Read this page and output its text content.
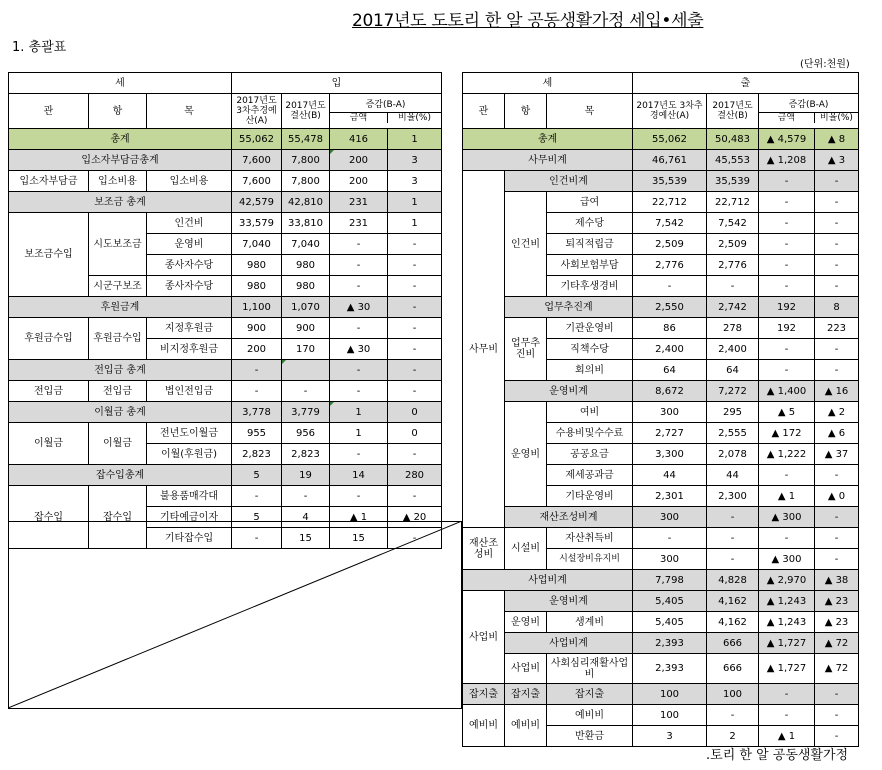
2017년도 도토리 한 알 공동생활가정 세입•세출
1. 총괄표
(단위:천원)
세			입			
관	항	목	2017년도 3차추경예산(A)	2017년도 결산(B)	증감(B-A)
금액 비율(%)	

총계			55,062	55,478	416	1
입소자부담금총계			7,600	7,800	200	3
입소자부담금	입소비용	입소비용	7,600	7,800	200	3
보조금 총계			42,579	42,810	231	1
보조금수입	시도보조금	인건비	33,579	33,810	231	1
		운영비	7,040	7,040	-	-
		종사자수당	980	980	-	-
	시군구보조	종사자수당	980	980	-	-
후원금계			1,100	1,070	▲ 30	-
후원금수입	후원금수입	지정후원금	900	900	-	-
		비지정후원금	200	170	▲ 30	-
전입금 총계			-		-	-
전입금	전입금	법인전입금	-	-	-	-
이월금 총계			3,778	3,779	1	0
이월금	이월금	전년도이월금	955	956	1	0
		이월(후원금)	2,823	2,823	-	-
잡수입총계			5	19	14	280
잡수입	잡수입	불용품매각대	-	-	-	-
		기타예금이자	5	4	▲ 1	▲ 20
		기타잡수입	-	15	15	-
세			출			
관	항	목	2017년도 3차추경예산(A)	2017년도 결산(B)	증감(B-A)
금액 비율(%)	

총계			55,062	50,483	▲ 4,579	▲ 8
사무비계			46,761	45,553	▲ 1,208	▲ 3
사무비	인건비계		35,539	35,539	-	-
	인건비	급여	22,712	22,712	-	-
		제수당	7,542	7,542	-	-
		퇴직적립금	2,509	2,509	-	-
		사회보험부담	2,776	2,776	-	-
		기타후생경비	-	-	-	-
	업무추진계		2,550	2,742	192	8
	업무추진비	기관운영비	86	278	192	223
		직책수당	2,400	2,400	-	-
		회의비	64	64	-	-
	운영비계		8,672	7,272	▲ 1,400	▲ 16
	운영비	여비	300	295	▲ 5	▲ 2
		수용비및수수료	2,727	2,555	▲ 172	▲ 6
		공공요금	3,300	2,078	▲ 1,222	▲ 37
		제세공과금	44	44	-	-
		기타운영비	2,301	2,300	▲ 1	▲ 0
	재산조성비계		300	-	▲ 300	-
재산조성비	시설비	자산취득비	-	-	-	-
		시설장비유지비	300	-	▲ 300	-
사업비계			7,798	4,828	▲ 2,970	▲ 38
사업비	운영비계		5,405	4,162	▲ 1,243	▲ 23
	운영비	생계비	5,405	4,162	▲ 1,243	▲ 23
	사업비계		2,393	666	▲ 1,727	▲ 72
	사업비	사회심리재활사업비	2,393	666	▲ 1,727	▲ 72
잡지출	잡지출	잡지출	100	100	-	-
예비비	예비비	예비비	100	-	-	-
		반환금	3	2	▲ 1	-
.토리 한 알 공동생활가정
